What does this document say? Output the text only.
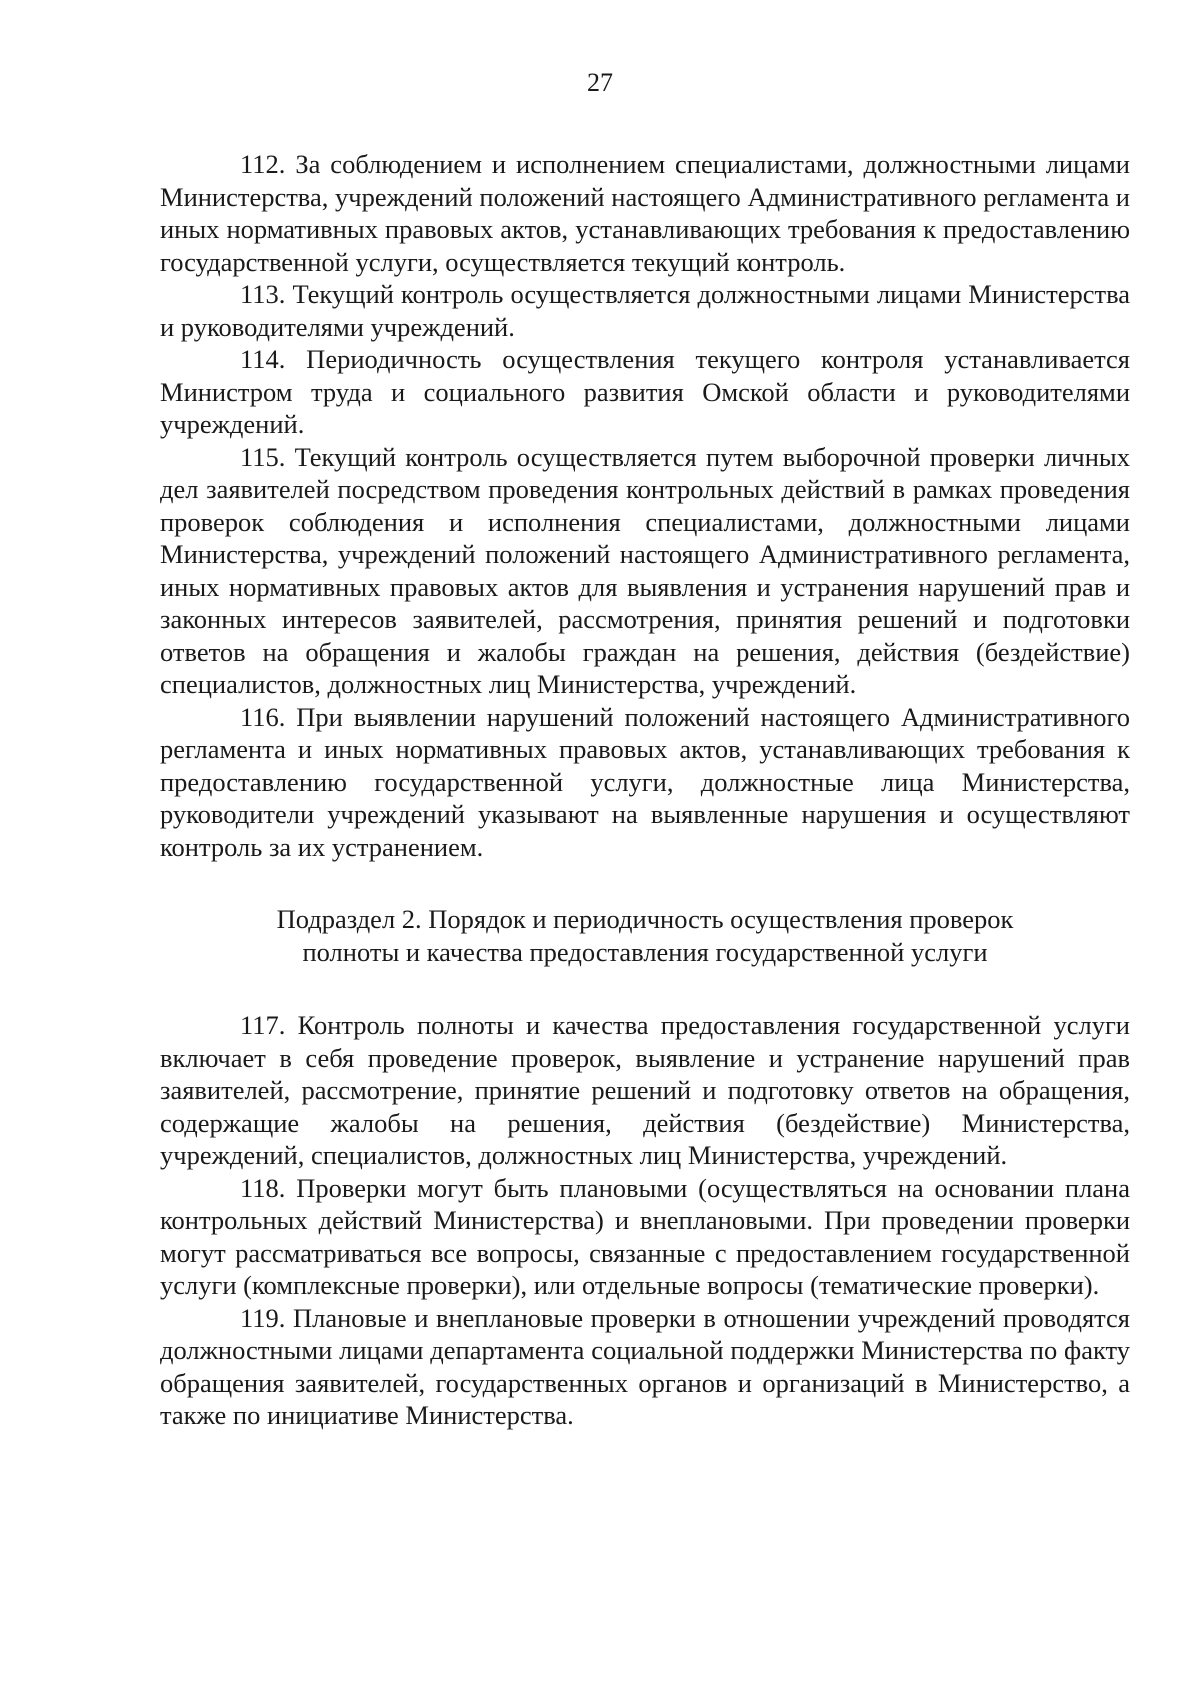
27

112. За соблюдением и исполнением специалистами, должностными лицами Министерства, учреждений положений настоящего Административного регламента и иных нормативных правовых актов, устанавливающих требования к предоставлению государственной услуги, осуществляется текущий контроль.

113. Текущий контроль осуществляется должностными лицами Министерства и руководителями учреждений.

114. Периодичность осуществления текущего контроля устанавливается Министром труда и социального развития Омской области и руководителями учреждений.

115. Текущий контроль осуществляется путем выборочной проверки личных дел заявителей посредством проведения контрольных действий в рамках проведения проверок соблюдения и исполнения специалистами, должностными лицами Министерства, учреждений положений настоящего Административного регламента, иных нормативных правовых актов для выявления и устранения нарушений прав и законных интересов заявителей, рассмотрения, принятия решений и подготовки ответов на обращения и жалобы граждан на решения, действия (бездействие) специалистов, должностных лиц Министерства, учреждений.

116. При выявлении нарушений положений настоящего Административного регламента и иных нормативных правовых актов, устанавливающих требования к предоставлению государственной услуги, должностные лица Министерства, руководители учреждений указывают на выявленные нарушения и осуществляют контроль за их устранением.

Подраздел 2. Порядок и периодичность осуществления проверок
полноты и качества предоставления государственной услуги

117. Контроль полноты и качества предоставления государственной услуги включает в себя проведение проверок, выявление и устранение нарушений прав заявителей, рассмотрение, принятие решений и подготовку ответов на обращения, содержащие жалобы на решения, действия (бездействие) Министерства, учреждений, специалистов, должностных лиц Министерства, учреждений.

118. Проверки могут быть плановыми (осуществляться на основании плана контрольных действий Министерства) и внеплановыми. При проведении проверки могут рассматриваться все вопросы, связанные с предоставлением государственной услуги (комплексные проверки), или отдельные вопросы (тематические проверки).

119. Плановые и внеплановые проверки в отношении учреждений проводятся должностными лицами департамента социальной поддержки Министерства по факту обращения заявителей, государственных органов и организаций в Министерство, а также по инициативе Министерства.
